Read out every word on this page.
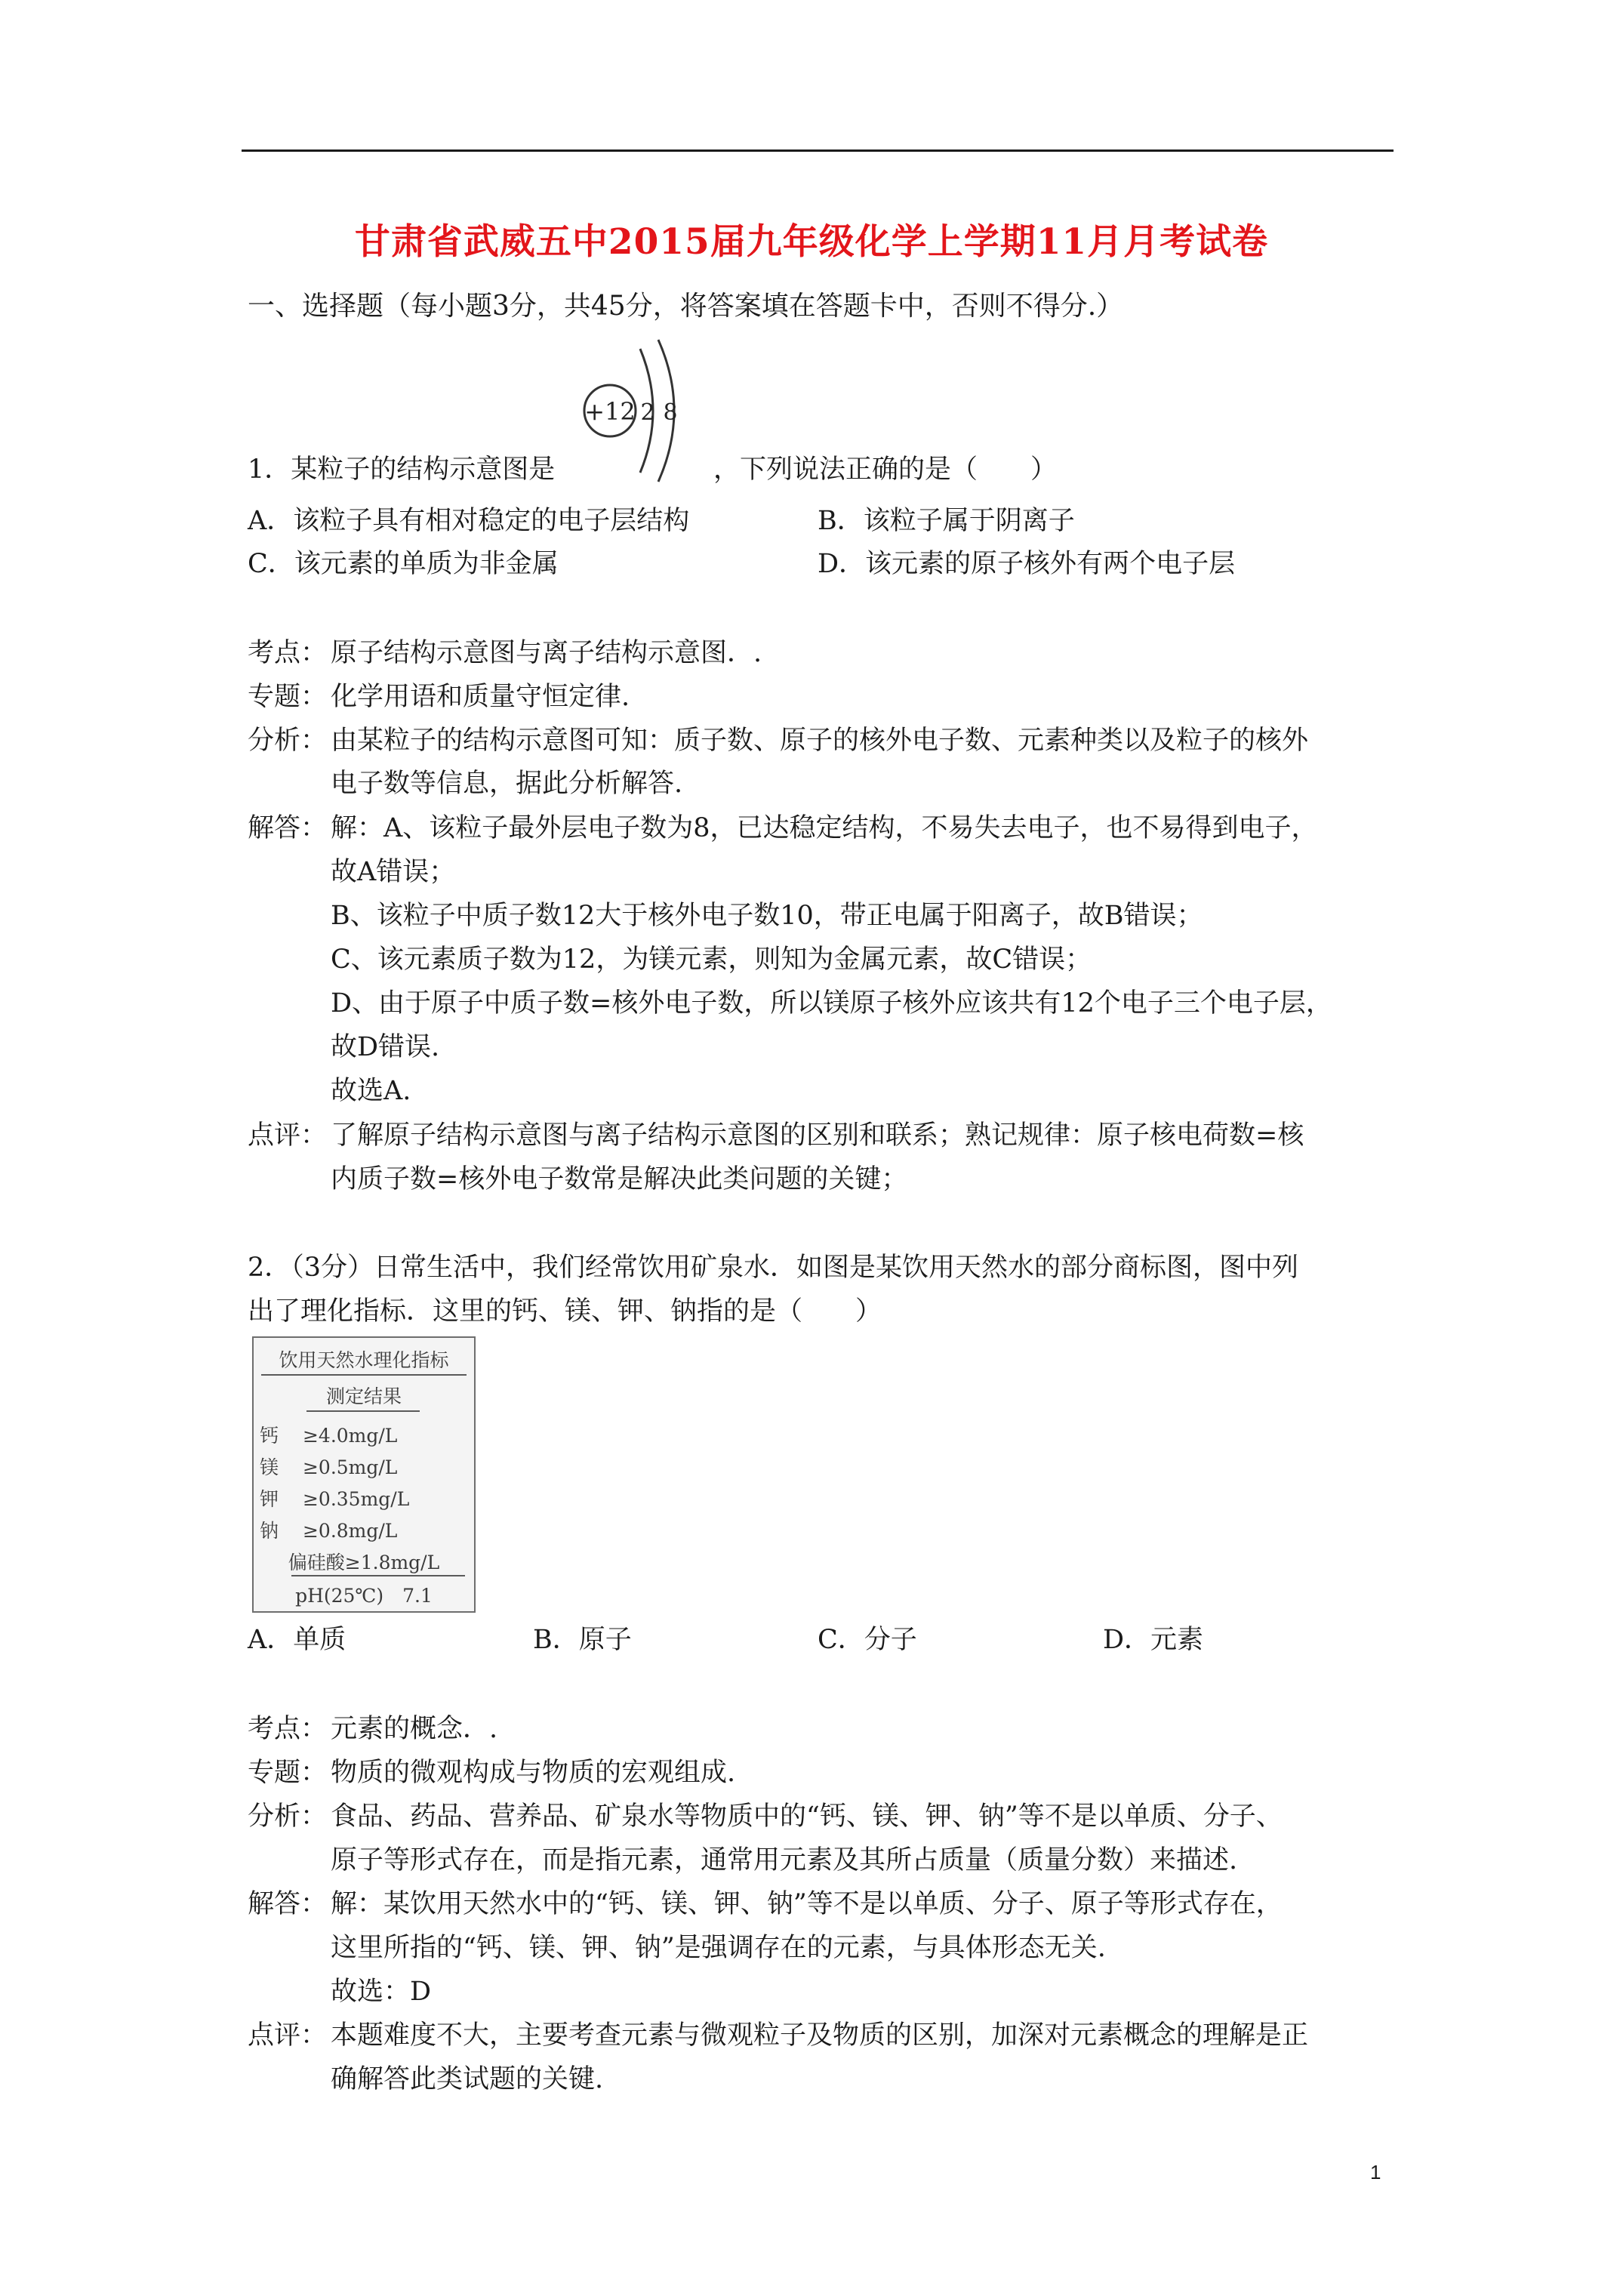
甘肃省武威五中2015届九年级化学上学期11月月考试卷
一、选择题（每小题3分，共45分，将答案填在答题卡中，否则不得分.）
+12 2 8
1．某粒子的结构示意图是	，下列说法正确的是（　　）
A．该粒子具有相对稳定的电子层结构	B．该粒子属于阴离子
C．该元素的单质为非金属	D．该元素的原子核外有两个电子层
考点： 原子结构示意图与离子结构示意图．.
专题： 化学用语和质量守恒定律.
分析： 由某粒子的结构示意图可知：质子数、原子的核外电子数、元素种类以及粒子的核外
电子数等信息，据此分析解答.
解答： 解：A、该粒子最外层电子数为8，已达稳定结构，不易失去电子，也不易得到电子，
故A错误；
B、该粒子中质子数12大于核外电子数10，带正电属于阳离子，故B错误；
C、该元素质子数为12，为镁元素，则知为金属元素，故C错误；
D、由于原子中质子数=核外电子数，所以镁原子核外应该共有12个电子三个电子层，
故D错误.
故选A.
点评： 了解原子结构示意图与离子结构示意图的区别和联系；熟记规律：原子核电荷数=核
内质子数=核外电子数常是解决此类问题的关键；
2．（3分）日常生活中，我们经常饮用矿泉水．如图是某饮用天然水的部分商标图，图中列
出了理化指标．这里的钙、镁、钾、钠指的是（　　）
饮用天然水理化指标
测定结果
钙 ≥4.0mg/L
镁 ≥0.5mg/L
钾 ≥0.35mg/L
钠 ≥0.8mg/L
偏硅酸≥1.8mg/L
pH(25℃)　7.1
A．单质	B．原子	C．分子	D．元素
考点： 元素的概念．.
专题： 物质的微观构成与物质的宏观组成.
分析： 食品、药品、营养品、矿泉水等物质中的“钙、镁、钾、钠”等不是以单质、分子、
原子等形式存在，而是指元素，通常用元素及其所占质量（质量分数）来描述.
解答： 解：某饮用天然水中的“钙、镁、钾、钠”等不是以单质、分子、原子等形式存在，
这里所指的“钙、镁、钾、钠”是强调存在的元素，与具体形态无关.
故选：D
点评： 本题难度不大，主要考查元素与微观粒子及物质的区别，加深对元素概念的理解是正
确解答此类试题的关键.
1
